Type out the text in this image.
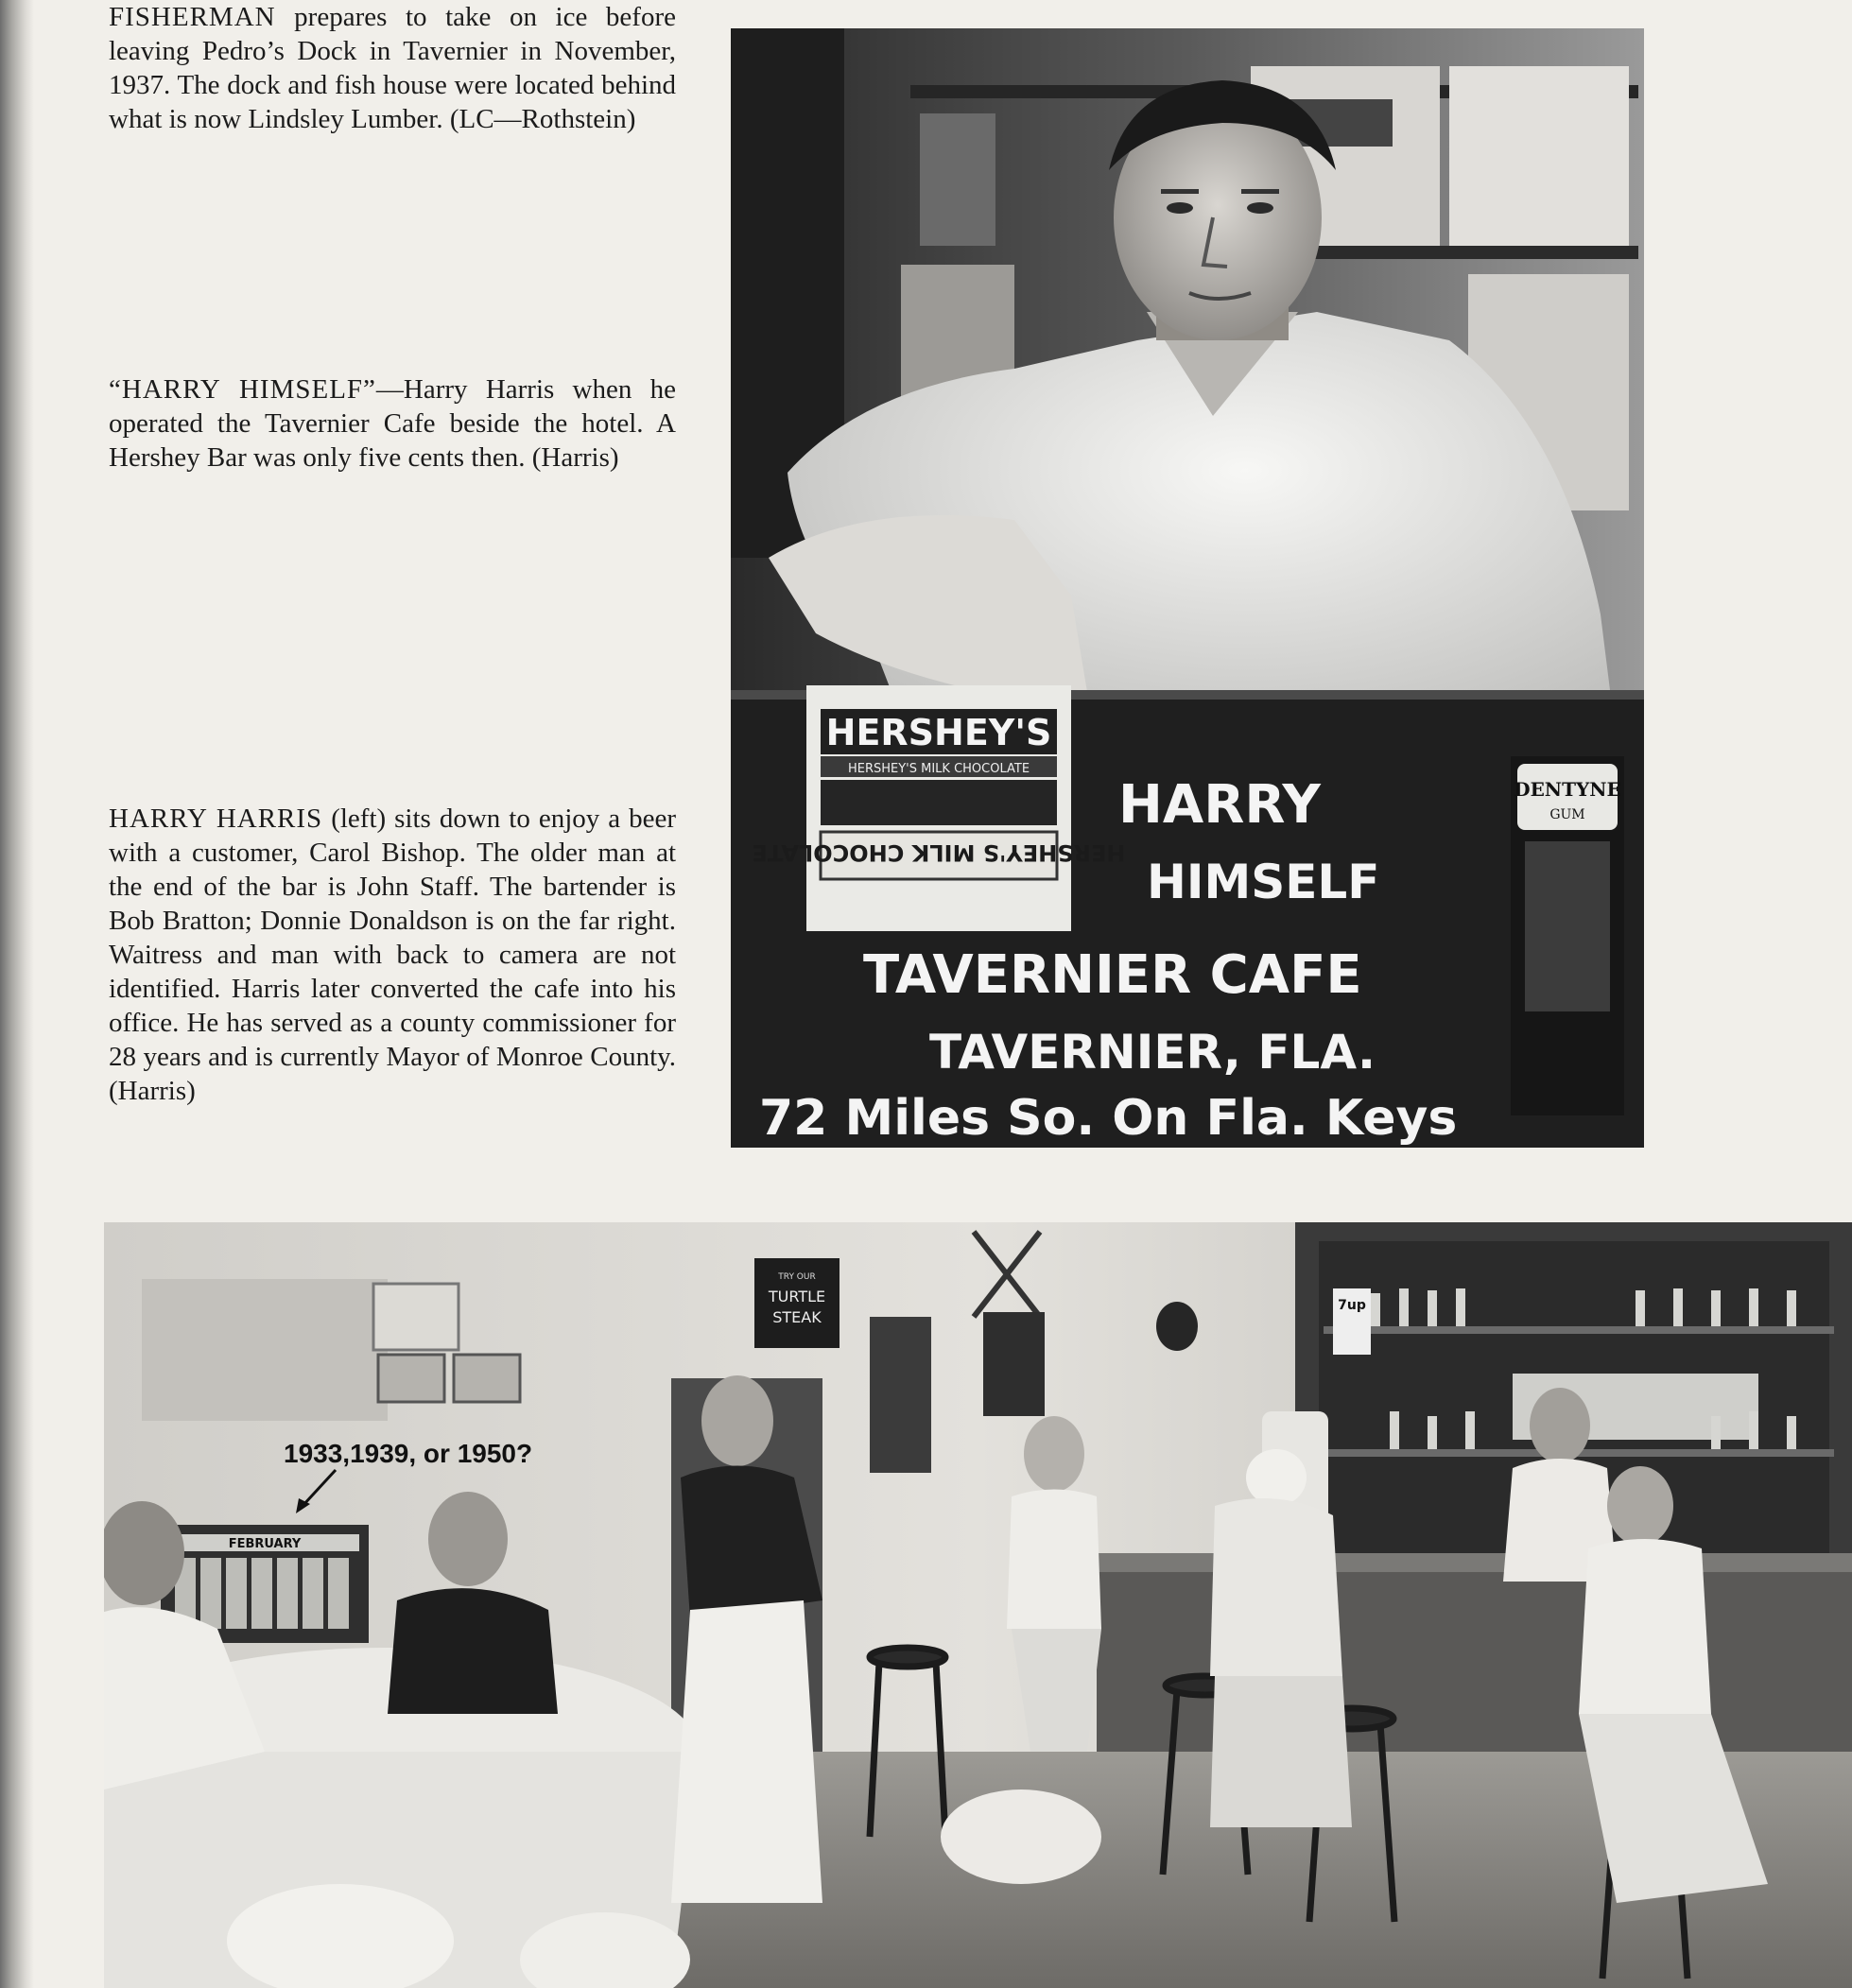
FISHERMAN prepares to take on ice before leaving Pedro’s Dock in Tavernier in November, 1937. The dock and fish house were located behind what is now Lindsley Lumber. (LC—Rothstein)

“HARRY HIMSELF”—Harry Harris when he operated the Tavernier Cafe beside the hotel. A Hershey Bar was only five cents then. (Harris)

HARRY HARRIS (left) sits down to enjoy a beer with a customer, Carol Bishop. The older man at the end of the bar is John Staff. The bartender is Bob Bratton; Donnie Donaldson is on the far right. Waitress and man with back to camera are not identified. Harris later converted the cafe into his office. He has served as a county commissioner for 28 years and is currently Mayor of Monroe County. (Harris)

HERSHEY'S
HERSHEY'S MILK CHOCOLATE
HERSHEY'S MILK CHOCOLATE
DENTYNE
GUM
HARRY
HIMSELF
TAVERNIER CAFE
TAVERNIER, FLA.
72 Miles So. On Fla. Keys
7up
FEBRUARY
1933,1939, or 1950?
TRY OUR
TURTLE
STEAK
